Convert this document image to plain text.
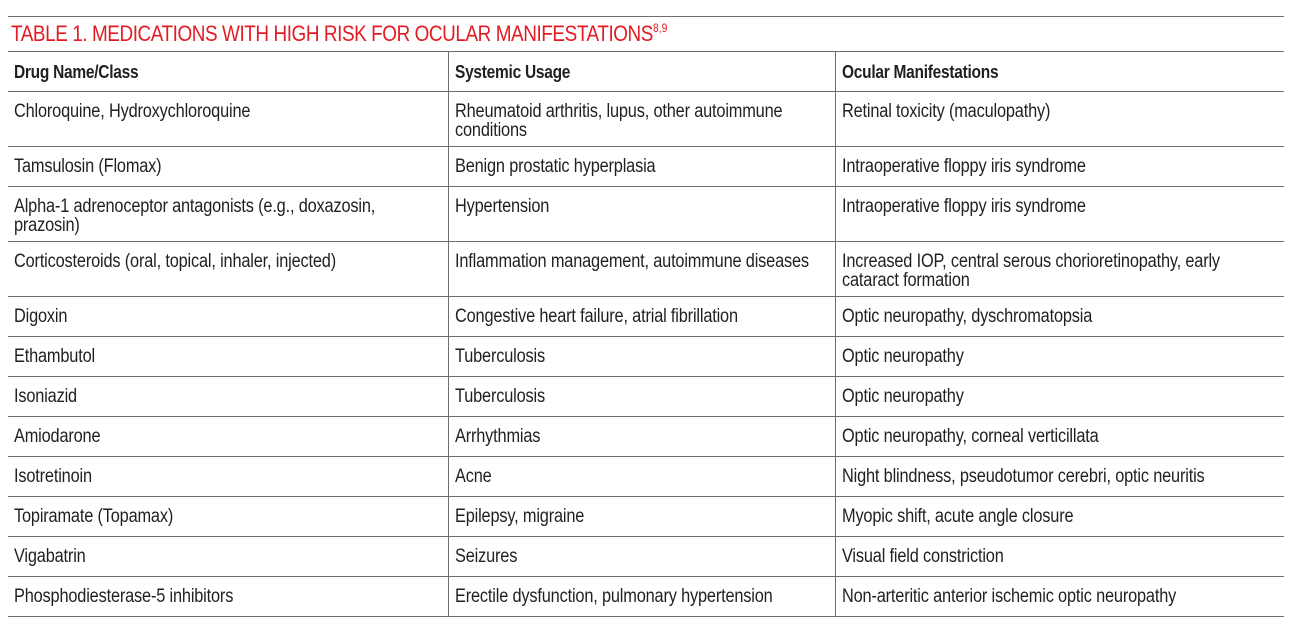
TABLE 1. MEDICATIONS WITH HIGH RISK FOR OCULAR MANIFESTATIONS$^{8,9}$
Drug Name/Class	Systemic Usage	Ocular Manifestations

Chloroquine, Hydroxychloroquine	Rheumatoid arthritis, lupus, other autoimmune conditions	Retinal toxicity (maculopathy)

Tamsulosin (Flomax)	Benign prostatic hyperplasia	Intraoperative floppy iris syndrome

Alpha-1 adrenoceptor antagonists (e.g., doxazosin, prazosin)	Hypertension	Intraoperative floppy iris syndrome

Corticosteroids (oral, topical, inhaler, injected)	Inflammation management, autoimmune diseases	Increased IOP, central serous chorioretinopathy, early cataract formation

Digoxin	Congestive heart failure, atrial fibrillation	Optic neuropathy, dyschromatopsia

Ethambutol	Tuberculosis	Optic neuropathy

Isoniazid	Tuberculosis	Optic neuropathy

Amiodarone	Arrhythmias	Optic neuropathy, corneal verticillata

Isotretinoin	Acne	Night blindness, pseudotumor cerebri, optic neuritis

Topiramate (Topamax)	Epilepsy, migraine	Myopic shift, acute angle closure

Vigabatrin	Seizures	Visual field constriction

Phosphodiesterase-5 inhibitors	Erectile dysfunction, pulmonary hypertension	Non-arteritic anterior ischemic optic neuropathy
